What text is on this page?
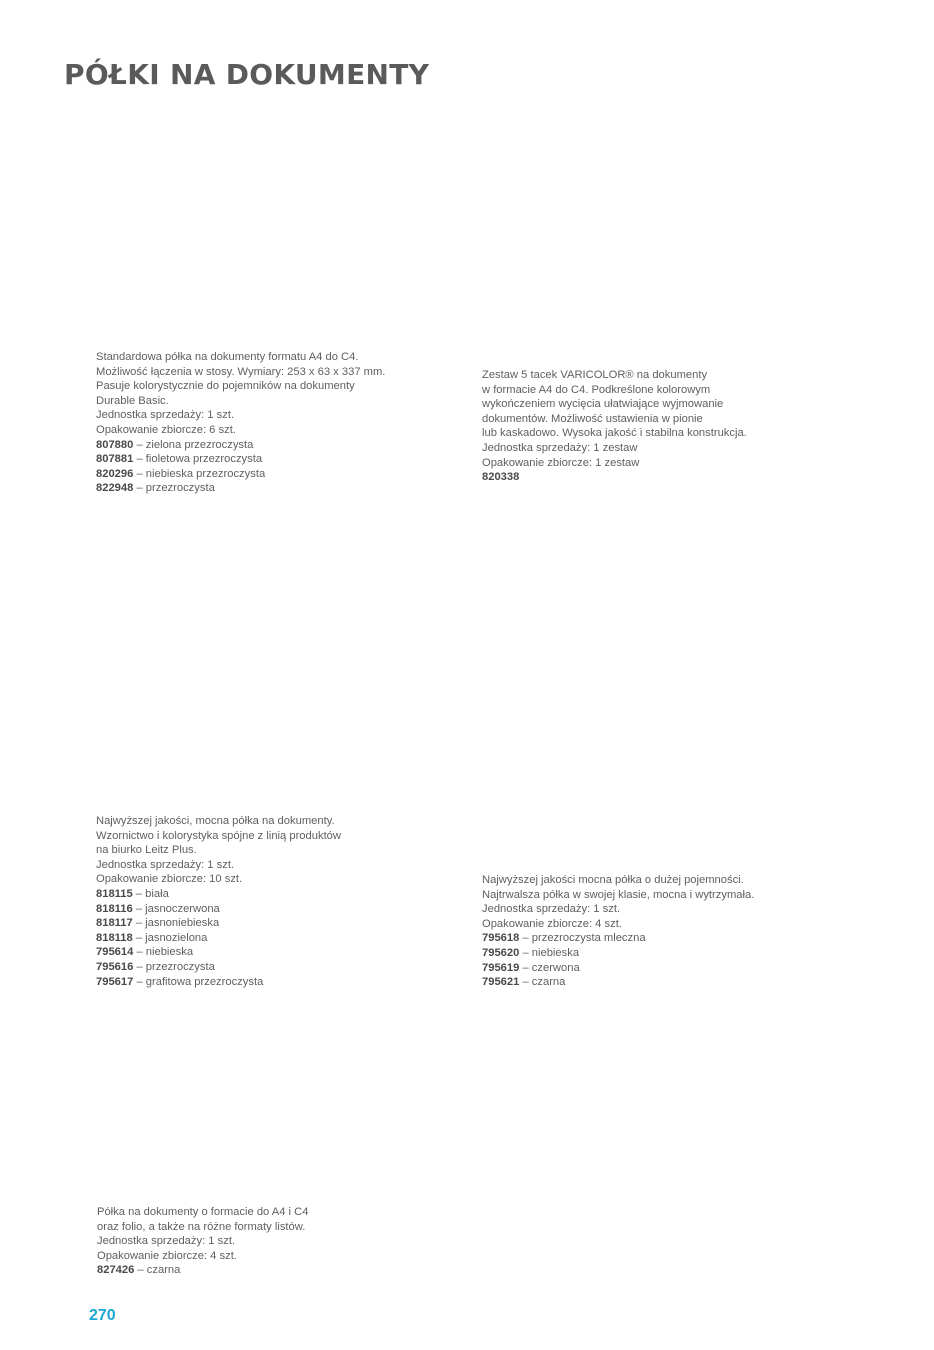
PÓŁKI NA DOKUMENTY
Standardowa półka na dokumenty formatu A4 do C4.
Możliwość łączenia w stosy. Wymiary: 253 x 63 x 337 mm.
Pasuje kolorystycznie do pojemników na dokumenty
Durable Basic.
Jednostka sprzedaży: 1 szt.
Opakowanie zbiorcze: 6 szt.
807880 – zielona przezroczysta
807881 – fioletowa przezroczysta
820296 – niebieska przezroczysta
822948 – przezroczysta
Zestaw 5 tacek VARICOLOR® na dokumenty
w formacie A4 do C4. Podkreślone kolorowym
wykończeniem wycięcia ułatwiające wyjmowanie
dokumentów. Możliwość ustawienia w pionie
lub kaskadowo. Wysoka jakość i stabilna konstrukcja.
Jednostka sprzedaży: 1 zestaw
Opakowanie zbiorcze: 1 zestaw
820338
Najwyższej jakości, mocna półka na dokumenty.
Wzornictwo i kolorystyka spójne z linią produktów
na biurko Leitz Plus.
Jednostka sprzedaży: 1 szt.
Opakowanie zbiorcze: 10 szt.
818115 – biała
818116 – jasnoczerwona
818117 – jasnoniebieska
818118 – jasnozielona
795614 – niebieska
795616 – przezroczysta
795617 – grafitowa przezroczysta
Najwyższej jakości mocna półka o dużej pojemności.
Najtrwalsza półka w swojej klasie, mocna i wytrzymała.
Jednostka sprzedaży: 1 szt.
Opakowanie zbiorcze: 4 szt.
795618 – przezroczysta mleczna
795620 – niebieska
795619 – czerwona
795621 – czarna
Półka na dokumenty o formacie do A4 i C4
oraz folio, a także na różne formaty listów.
Jednostka sprzedaży: 1 szt.
Opakowanie zbiorcze: 4 szt.
827426 – czarna
270
